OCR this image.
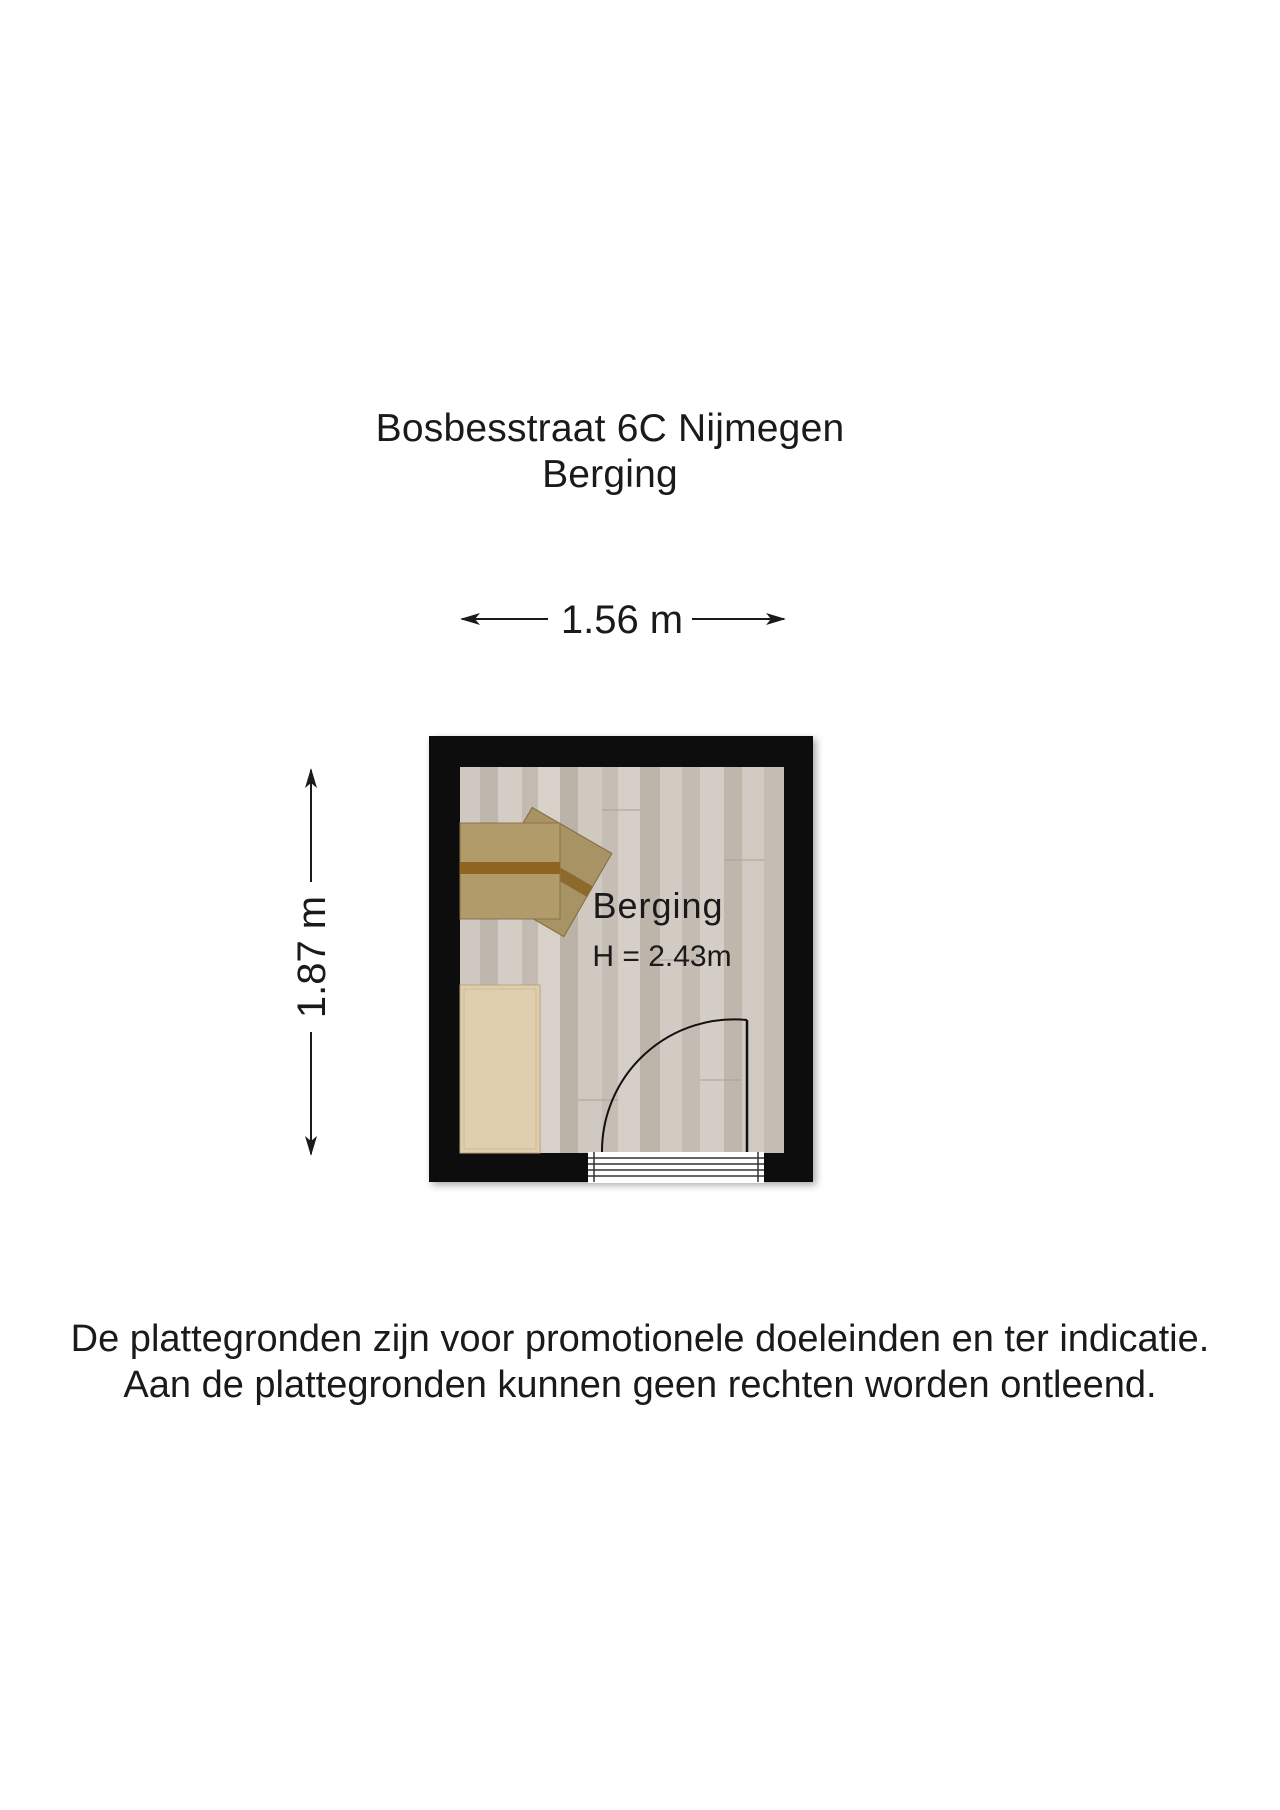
Bosbesstraat 6C Nijmegen
Berging
1.56 m
1.87 m	Berging
H = 2.43m
De plattegronden zijn voor promotionele doeleinden en ter indicatie.
Aan de plattegronden kunnen geen rechten worden ontleend.
